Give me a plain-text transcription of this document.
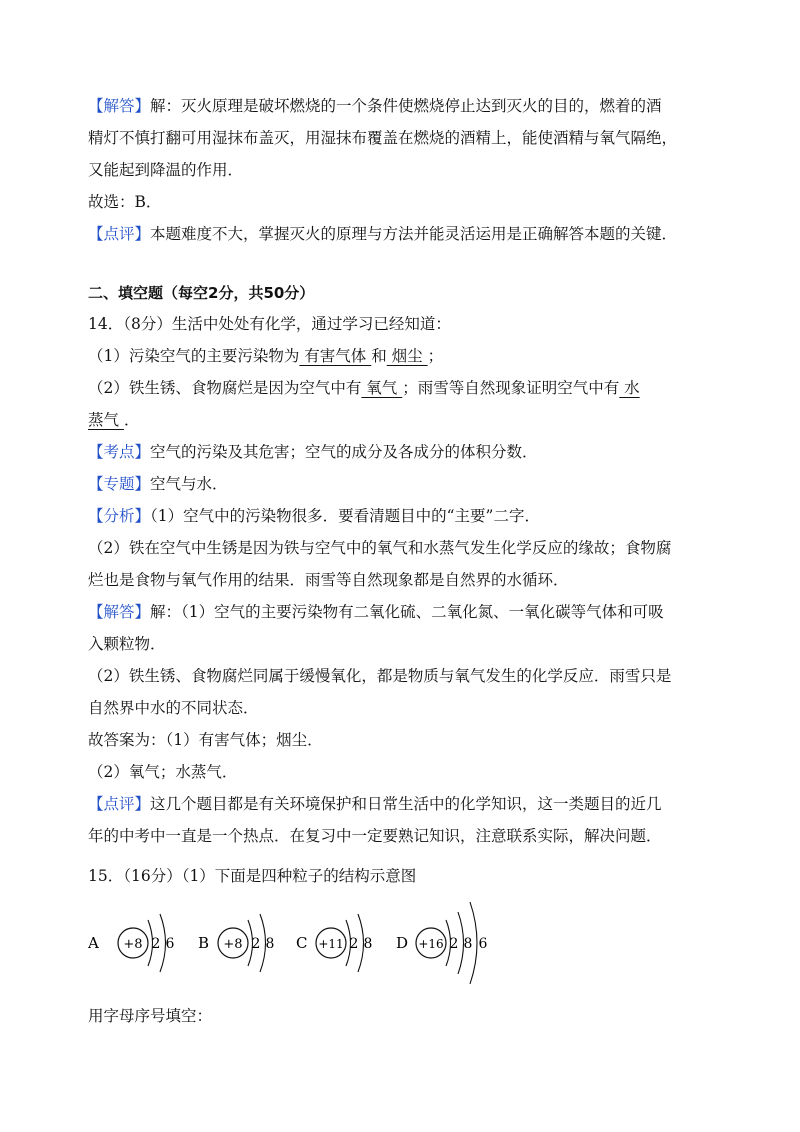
【解答】解：灭火原理是破坏燃烧的一个条件使燃烧停止达到灭火的目的，燃着的酒
精灯不慎打翻可用湿抹布盖灭，用湿抹布覆盖在燃烧的酒精上，能使酒精与氧气隔绝，
又能起到降温的作用．
故选：B．
【点评】本题难度不大，掌握灭火的原理与方法并能灵活运用是正确解答本题的关键．
二、填空题（每空2分，共50分）
14．（8分）生活中处处有化学，通过学习已经知道：
（1）污染空气的主要污染物为 有害气体 和 烟尘 ；
（2）铁生锈、食物腐烂是因为空气中有 氧气 ；雨雪等自然现象证明空气中有 水
蒸气 ．
【考点】空气的污染及其危害；空气的成分及各成分的体积分数．
【专题】空气与水．
【分析】（1）空气中的污染物很多．要看清题目中的“主要”二字．
（2）铁在空气中生锈是因为铁与空气中的氧气和水蒸气发生化学反应的缘故；食物腐
烂也是食物与氧气作用的结果．雨雪等自然现象都是自然界的水循环．
【解答】解：（1）空气的主要污染物有二氧化硫、二氧化氮、一氧化碳等气体和可吸
入颗粒物．
（2）铁生锈、食物腐烂同属于缓慢氧化，都是物质与氧气发生的化学反应．雨雪只是
自然界中水的不同状态．
故答案为：（1）有害气体；烟尘．
（2）氧气；水蒸气．
【点评】这几个题目都是有关环境保护和日常生活中的化学知识，这一类题目的近几
年的中考中一直是一个热点．在复习中一定要熟记知识，注意联系实际，解决问题．
15．（16分）（1）下面是四种粒子的结构示意图
A +8 2 6 B +8 2 8 C +11 2 8 D +16 2 8 6
用字母序号填空：
